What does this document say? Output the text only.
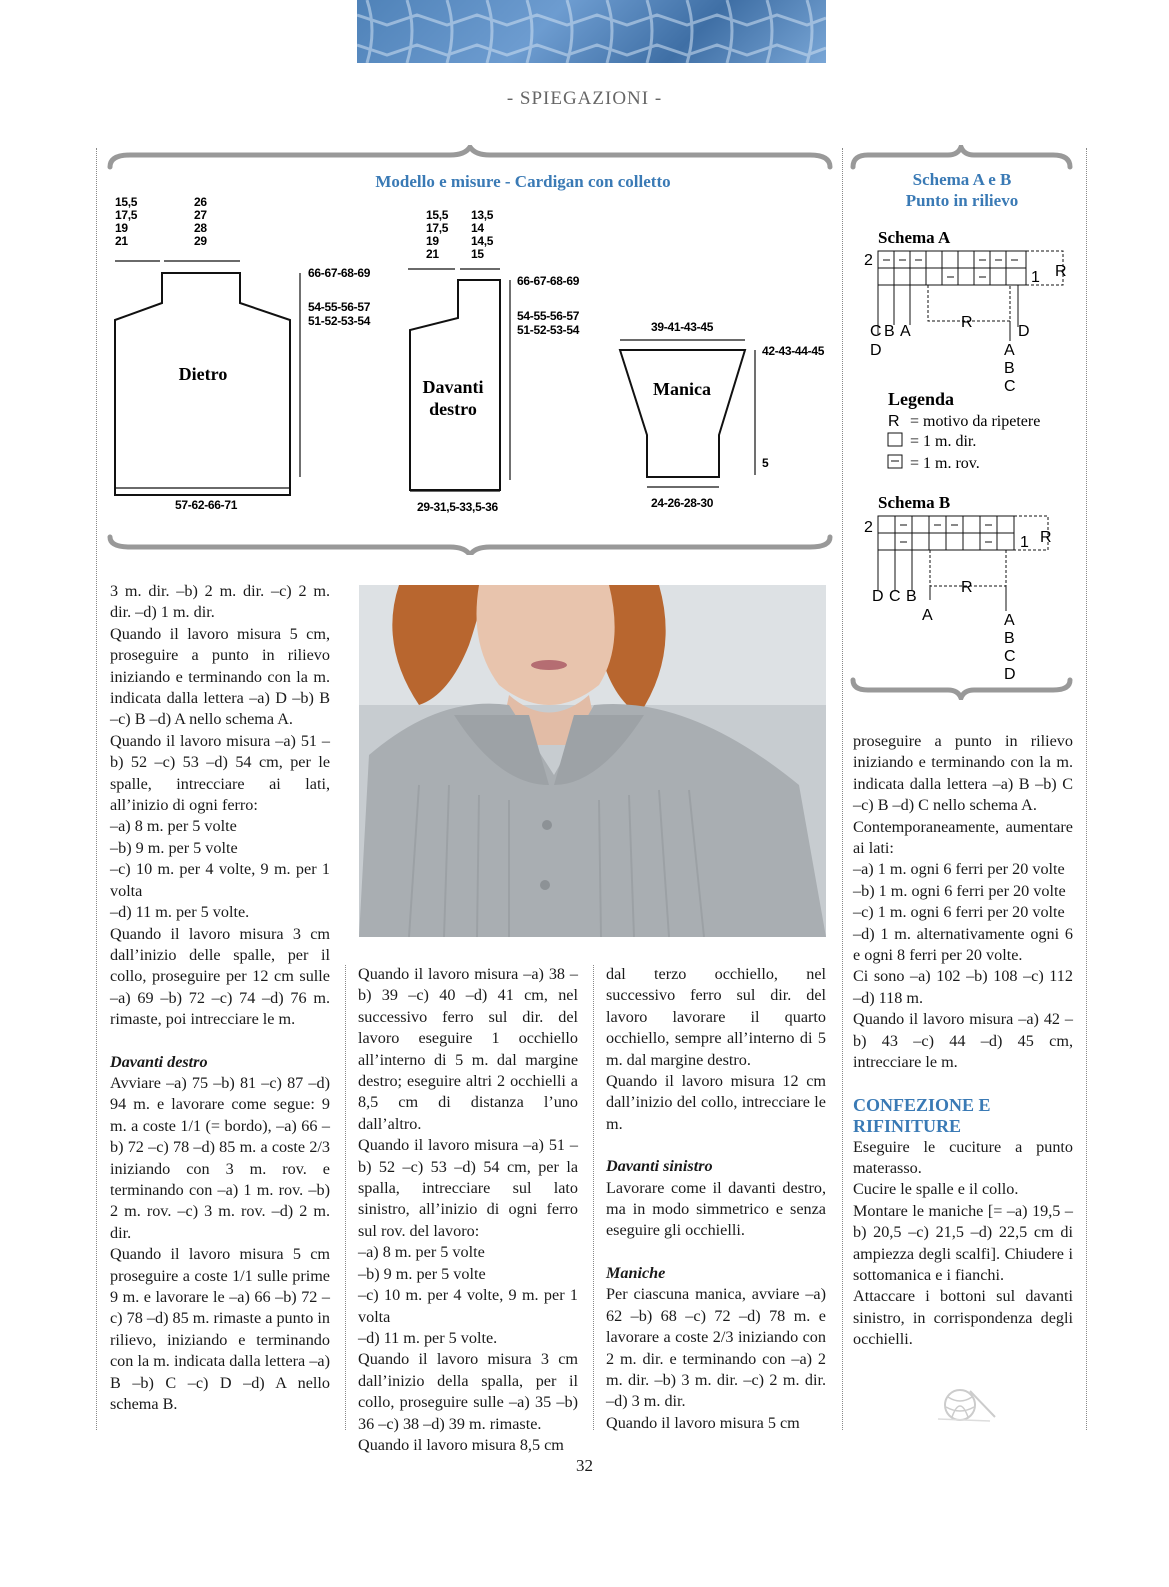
- SPIEGAZIONI -
Modello e misure - Cardigan con colletto
15,5
17,5
19
21
26
27
28
29
66-67-68-69
54-55-56-57
51-52-53-54
57-62-66-71
Dietro
15,5
17,5
19
21
13,5
14
14,5
15
66-67-68-69
54-55-56-57
51-52-53-54
29-31,5-33,5-36
Davanti
destro
39-41-43-45
42-43-44-45
5
24-26-28-30
Manica
Schema A e B
Punto in rilievo
Schema A
2
1 R
R
C B A
D
D
A
B
C
Legenda
R = motivo da ripetere
= 1 m. dir.
= 1 m. rov.
Schema B
2
1 R
R
D C B
A	A
B
C
D

3 m. dir. –b) 2 m. dir. –c) 2 m. dir. –d) 1 m. dir.

Quando il lavoro misura 5 cm, proseguire a punto in rilievo iniziando e terminando con la m. indicata dalla lettera –a) D –b) B –c) B –d) A nello schema A.

Quando il lavoro misura –a) 51 –b) 52 –c) 53 –d) 54 cm, per le spalle, intrecciare ai lati, all’inizio di ogni ferro:

–a) 8 m. per 5 volte

–b) 9 m. per 5 volte

–c) 10 m. per 4 volte, 9 m. per 1 volta

–d) 11 m. per 5 volte.

Quando il lavoro misura 3 cm dall’inizio delle spalle, per il collo, proseguire per 12 cm sulle –a) 69 –b) 72 –c) 74 –d) 76 m. rimaste, poi intrecciare le m.

Davanti destro

Avviare –a) 75 –b) 81 –c) 87 –d) 94 m. e lavorare come segue: 9 m. a coste 1/1 (= bordo), –a) 66 –b) 72 –c) 78 –d) 85 m. a coste 2/3 iniziando con 3 m. rov. e terminando con –a) 1 m. rov. –b) 2 m. rov. –c) 3 m. rov. –d) 2 m. dir.

Quando il lavoro misura 5 cm proseguire a coste 1/1 sulle prime 9 m. e lavorare le –a) 66 –b) 72 –c) 78 –d) 85 m. rimaste a punto in rilievo, iniziando e terminando con la m. indicata dalla lettera –a) B –b) C –c) D –d) A nello schema B.

Quando il lavoro misura –a) 38 –b) 39 –c) 40 –d) 41 cm, nel successivo ferro sul dir. del lavoro eseguire 1 occhiello all’interno di 5 m. dal margine destro; eseguire altri 2 occhielli a 8,5 cm di distanza l’uno dall’altro.

Quando il lavoro misura –a) 51 –b) 52 –c) 53 –d) 54 cm, per la spalla, intrecciare sul lato sinistro, all’inizio di ogni ferro sul rov. del lavoro:

–a) 8 m. per 5 volte

–b) 9 m. per 5 volte

–c) 10 m. per 4 volte, 9 m. per 1 volta

–d) 11 m. per 5 volte.

Quando il lavoro misura 3 cm dall’inizio della spalla, per il collo, proseguire sulle –a) 35 –b) 36 –c) 38 –d) 39 m. rimaste.

Quando il lavoro misura 8,5 cm

dal terzo occhiello, nel successivo ferro sul dir. del lavoro lavorare il quarto occhiello, sempre all’interno di 5 m. dal margine destro.

Quando il lavoro misura 12 cm dall’inizio del collo, intrecciare le m.

Davanti sinistro

Lavorare come il davanti destro, ma in modo simmetrico e senza eseguire gli occhielli.

Maniche

Per ciascuna manica, avviare –a) 62 –b) 68 –c) 72 –d) 78 m. e lavorare a coste 2/3 iniziando con 2 m. dir. e terminando con –a) 2 m. dir. –b) 3 m. dir. –c) 2 m. dir. –d) 3 m. dir.

Quando il lavoro misura 5 cm

proseguire a punto in rilievo iniziando e terminando con la m. indicata dalla lettera –a) B –b) C –c) B –d) C nello schema A.

Contemporaneamente, aumentare ai lati:

–a) 1 m. ogni 6 ferri per 20 volte

–b) 1 m. ogni 6 ferri per 20 volte

–c) 1 m. ogni 6 ferri per 20 volte

–d) 1 m. alternativamente ogni 6 e ogni 8 ferri per 20 volte.

Ci sono –a) 102 –b) 108 –c) 112 –d) 118 m.

Quando il lavoro misura –a) 42 –b) 43 –c) 44 –d) 45 cm, intrecciare le m.

CONFEZIONE E RIFINITURE

Eseguire le cuciture a punto materasso.

Cucire le spalle e il collo.

Montare le maniche [= –a) 19,5 –b) 20,5 –c) 21,5 –d) 22,5 cm di ampiezza degli scalfi]. Chiudere i sottomanica e i fianchi.

Attaccare i bottoni sul davanti sinistro, in corrispondenza degli occhielli.

32
